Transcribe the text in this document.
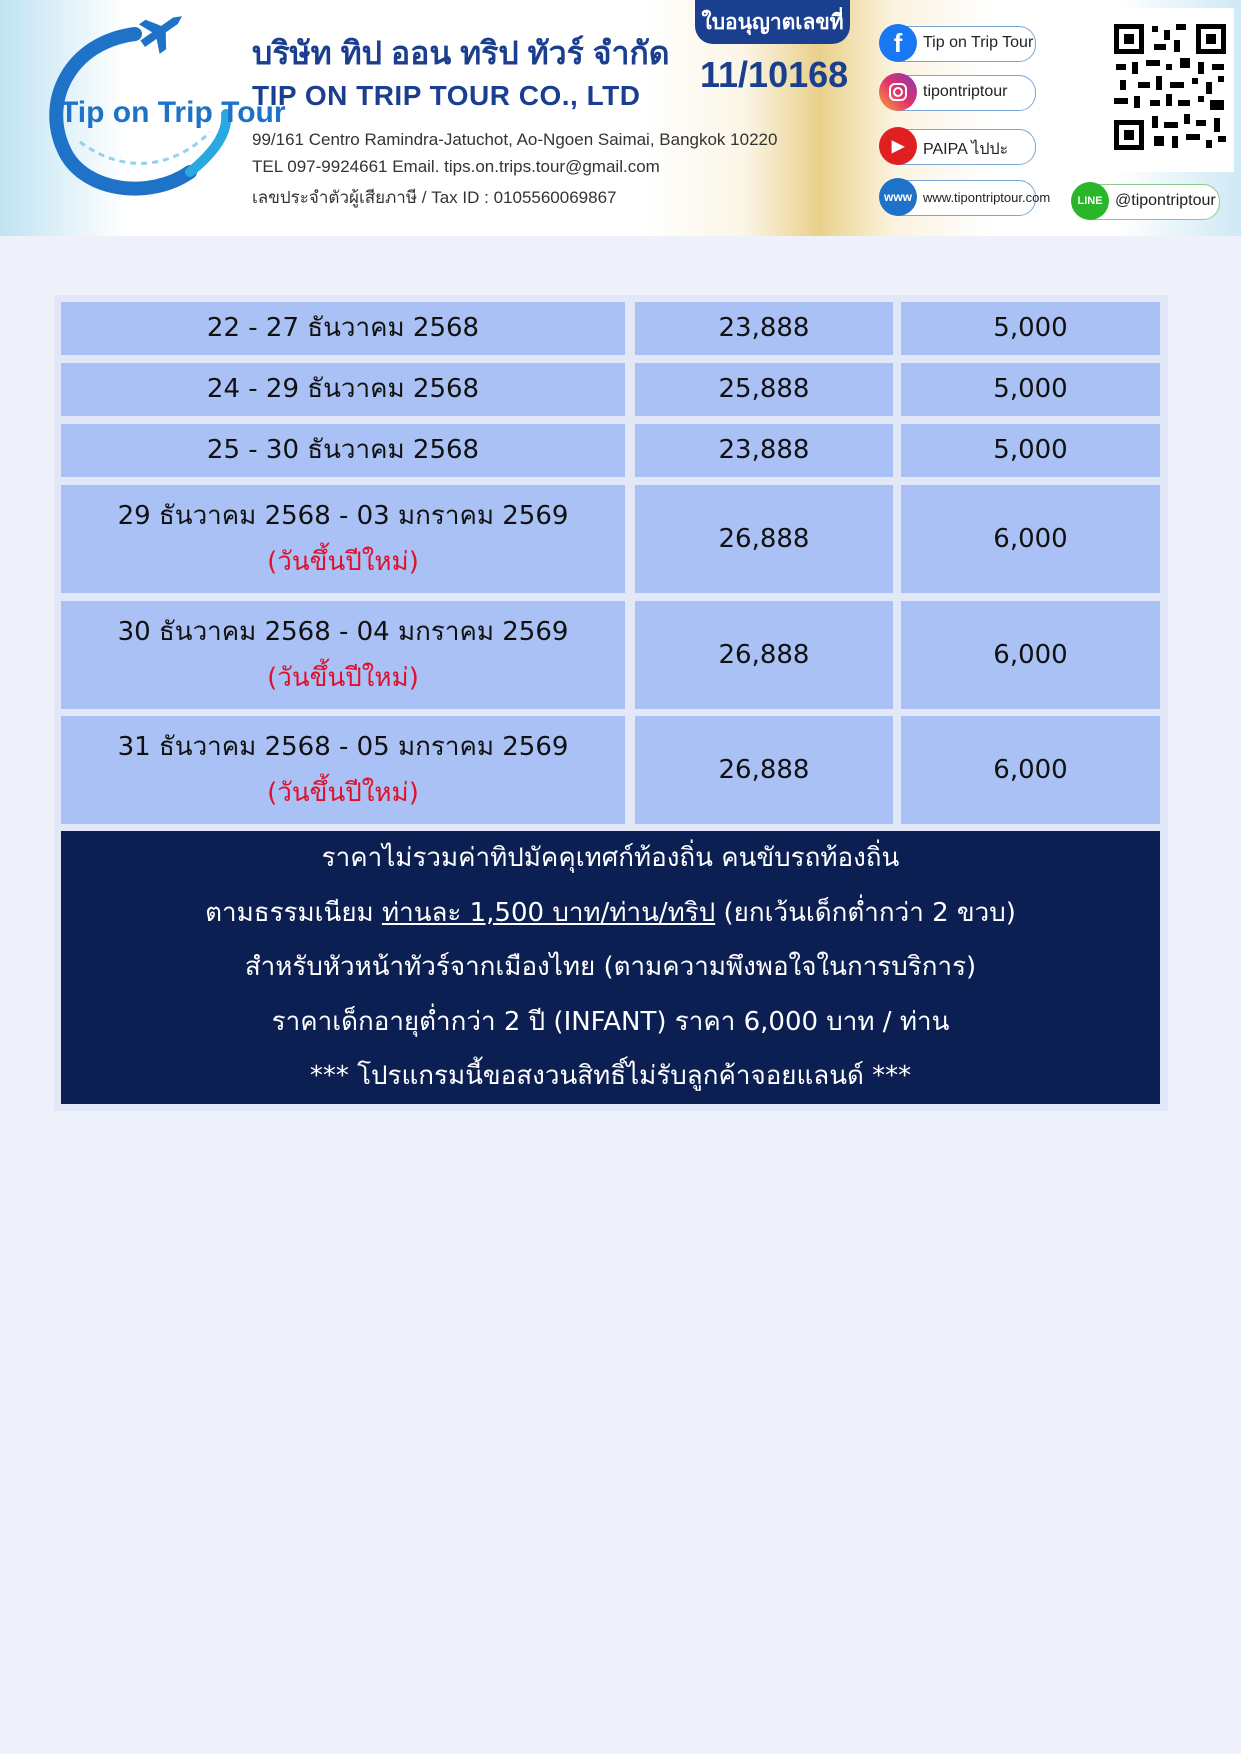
Tip on Trip Tour
บริษัท ทิป ออน ทริป ทัวร์ จำกัด
TIP ON TRIP TOUR CO., LTD
99/161 Centro Ramindra-Jatuchot, Ao-Ngoen Saimai, Bangkok 10220
TEL 097-9924661 Email. tips.on.trips.tour@gmail.com
เลขประจำตัวผู้เสียภาษี / Tax ID : 0105560069867
ใบอนุญาตเลขที่
11/10168
f	Tip on Trip Tour
tipontriptour
▶	PAIPA ไปปะ
www www.tipontriptour.com	LINE @tipontriptour
22 - 27 ธันวาคม 2568	23,888	5,000
24 - 29 ธันวาคม 2568	25,888	5,000
25 - 30 ธันวาคม 2568	23,888	5,000
29 ธันวาคม 2568 - 03 มกราคม 2569
(วันขึ้นปีใหม่)
26,888	6,000
30 ธันวาคม 2568 - 04 มกราคม 2569
(วันขึ้นปีใหม่)
26,888	6,000
31 ธันวาคม 2568 - 05 มกราคม 2569
(วันขึ้นปีใหม่)
26,888	6,000
ราคาไม่รวมค่าทิปมัคคุเทศก์ท้องถิ่น คนขับรถท้องถิ่น
ตามธรรมเนียม ท่านละ 1,500 บาท/ท่าน/ทริป (ยกเว้นเด็กต่ำกว่า 2 ขวบ)
สำหรับหัวหน้าทัวร์จากเมืองไทย (ตามความพึงพอใจในการบริการ)
ราคาเด็กอายุต่ำกว่า 2 ปี (INFANT) ราคา 6,000 บาท / ท่าน
*** โปรแกรมนี้ขอสงวนสิทธิ์ไม่รับลูกค้าจอยแลนด์ ***
